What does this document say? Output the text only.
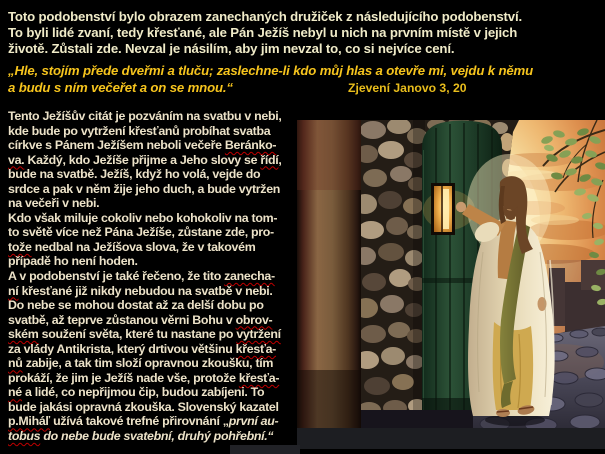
Toto podobenství bylo obrazem zanechaných družiček z následujícího podobenství.
To byli lidé zvaní, tedy křesťané, ale Pán Ježíš nebyl u nich na prvním místě v jejich
životě. Zůstali zde. Nevzal je násilím, aby jim nevzal to, co si nejvíce cení.
„Hle, stojím přede dveřmi a tluču; zaslechne-li kdo můj hlas a otevře mi, vejdu k němu
a budu s ním večeřet a on se mnou.“	Zjevení Janovo 3, 20
Tento Ježíšův citát je pozváním na svatbu v nebi,
kde bude po vytržení křesťanů probíhat svatba
církve s Pánem Ježíšem neboli večeře Beránko-
va. Každý, kdo Ježíše přijme a Jeho slovy se řídí,
bude na svatbě. Ježíš, když ho volá, vejde do
srdce a pak v něm žije jeho duch, a bude vytržen
na večeři v nebi.
Kdo však miluje cokoliv nebo kohokoliv na tom-
to světě více než Pána Ježíše, zůstane zde, pro-
tože nedbal na Ježíšova slova, že v takovém
případě ho není hoden.
A v podobenství je také řečeno, že tito zanecha-
ní křesťané již nikdy nebudou na svatbě v nebi.
Do nebe se mohou dostat až za delší dobu po
svatbě, až teprve zůstanou věrni Bohu v obrov-
ském soužení světa, které tu nastane po vytržení
za vlády Antikrista, který drtivou většinu křesťa-
nů zabije, a tak tim složí opravnou zkoušku, tím
prokáží, že jim je Ježíš nade vše, protože křesťa-
né a lidé, co nepřijmou čip, budou zabíjeni. To
bude jakási opravná zkouška. Slovenský kazatel
p.Miháľ užívá takové trefné přirovnání „první au-
tobus do nebe bude svatební, druhý pohřební.“
